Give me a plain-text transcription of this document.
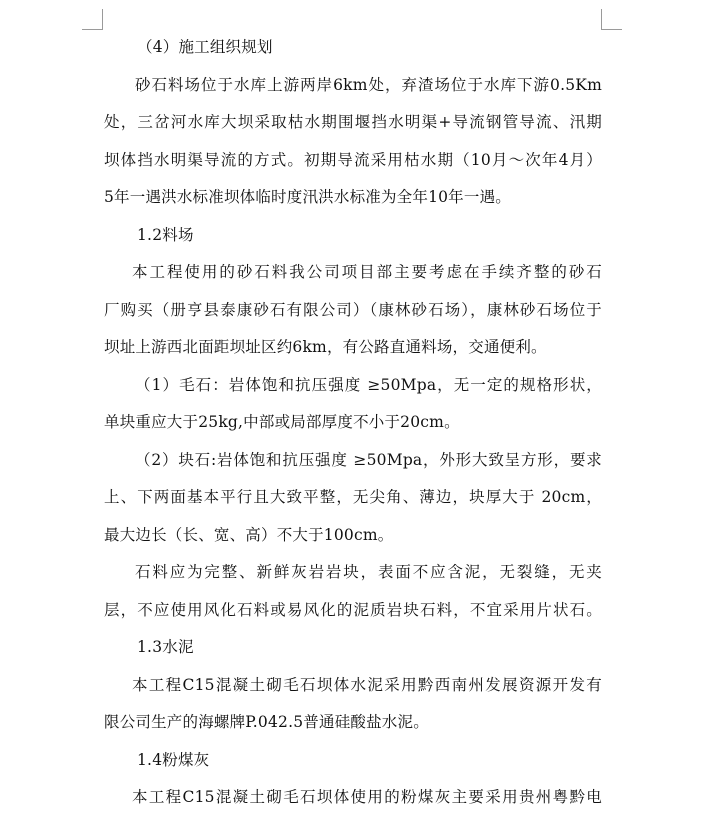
（4）施工组织规划
砂石料场位于水库上游两岸6km处，弃渣场位于水库下游0.5Km
处，三岔河水库大坝采取枯水期围堰挡水明渠+导流钢管导流、汛期
坝体挡水明渠导流的方式。初期导流采用枯水期（10月～次年4月）
5年一遇洪水标准坝体临时度汛洪水标准为全年10年一遇。
1.2料场
本工程使用的砂石料我公司项目部主要考虑在手续齐整的砂石
厂购买（册亨县泰康砂石有限公司）（康林砂石场），康林砂石场位于
坝址上游西北面距坝址区约6km，有公路直通料场，交通便利。
（1）毛石：岩体饱和抗压强度 ≥50Mpa，无一定的规格形状，
单块重应大于25kg,中部或局部厚度不小于20cm。
（2）块石:岩体饱和抗压强度 ≥50Mpa，外形大致呈方形，要求
上、下两面基本平行且大致平整，无尖角、薄边，块厚大于 20cm，
最大边长（长、宽、高）不大于100cm。
石料应为完整、新鲜灰岩岩块，表面不应含泥，无裂缝，无夹
层，不应使用风化石料或易风化的泥质岩块石料，不宜采用片状石。
1.3水泥
本工程C15混凝土砌毛石坝体水泥采用黔西南州发展资源开发有
限公司生产的海螺牌P.042.5普通硅酸盐水泥。
1.4粉煤灰
本工程C15混凝土砌毛石坝体使用的粉煤灰主要采用贵州粤黔电
